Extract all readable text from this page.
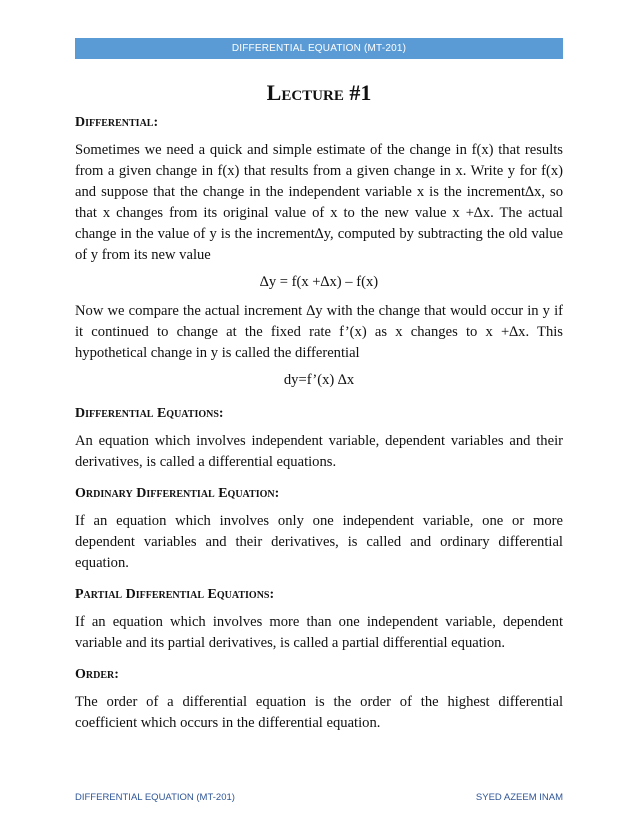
DIFFERENTIAL EQUATION (MT-201)
Lecture #1
Differential:

Sometimes we need a quick and simple estimate of the change in f(x) that results from a given change in f(x) that results from a given change in x. Write y for f(x) and suppose that the change in the independent variable x is the increment∆x, so that x changes from its original value of x to the new value x +∆x. The actual change in the value of y is the increment∆y, computed by subtracting the old value of y from its new value

∆y = f(x +∆x) – f(x)

Now we compare the actual increment ∆y with the change that would occur in y if it continued to change at the fixed rate f’(x) as x changes to x +∆x. This hypothetical change in y is called the differential

dy=f’(x) ∆x

Differential Equations:

An equation which involves independent variable, dependent variables and their derivatives, is called a differential equations.

Ordinary Differential Equation:

If an equation which involves only one independent variable, one or more dependent variables and their derivatives, is called and ordinary differential equation.

Partial Differential Equations:

If an equation which involves more than one independent variable, dependent variable and its partial derivatives, is called a partial differential equation.

Order:

The order of a differential equation is the order of the highest differential coefficient which occurs in the differential equation.

DIFFERENTIAL EQUATION (MT-201)	SYED AZEEM INAM
